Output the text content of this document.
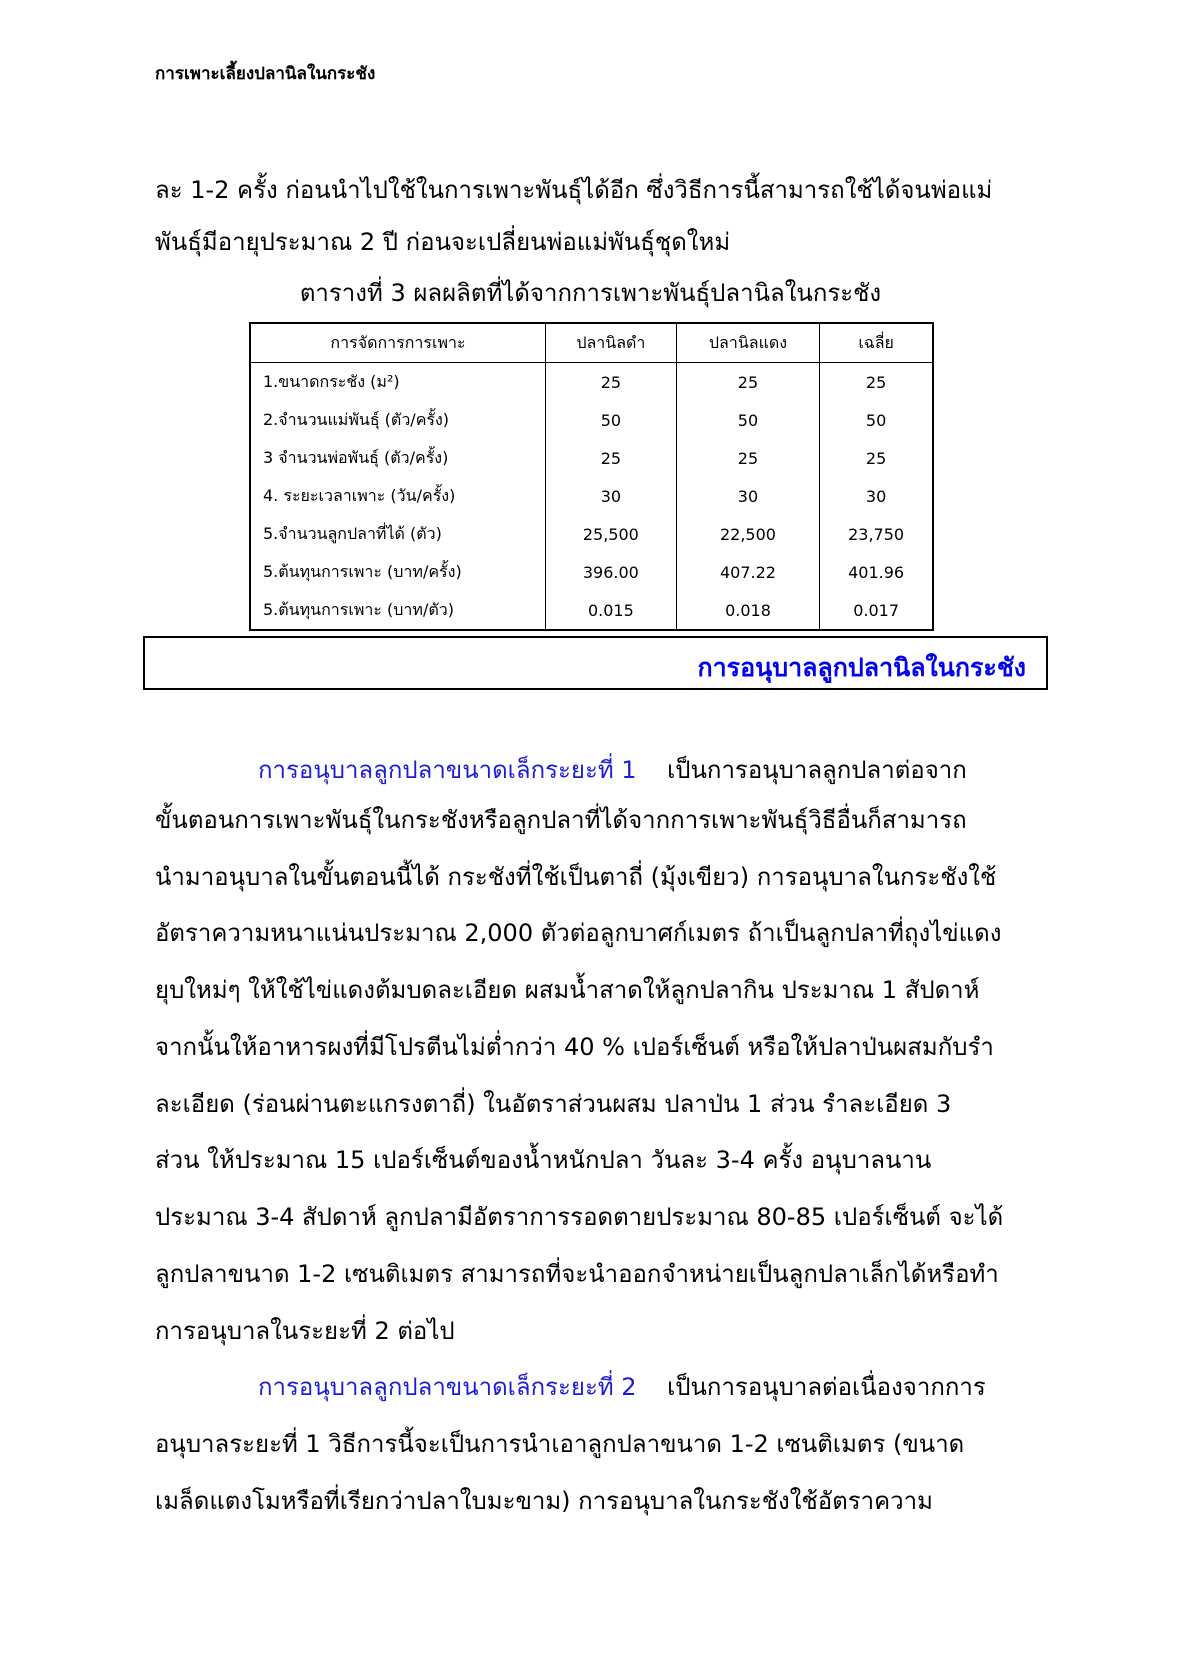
การเพาะเลี้ยงปลานิลในกระชัง
ละ 1-2 ครั้ง ก่อนนำไปใช้ในการเพาะพันธุ์ได้อีก ซึ่งวิธีการนี้สามารถใช้ได้จนพ่อแม่
พันธุ์มีอายุประมาณ 2 ปี ก่อนจะเปลี่ยนพ่อแม่พันธุ์ชุดใหม่
ตารางที่ 3 ผลผลิตที่ได้จากการเพาะพันธุ์ปลานิลในกระชัง
การจัดการการเพาะ	ปลานิลดำ	ปลานิลแดง	เฉลี่ย
1.ขนาดกระชัง (ม²)	25	25	25
2.จำนวนแม่พันธุ์ (ตัว/ครั้ง)	50	50	50
3 จำนวนพ่อพันธุ์ (ตัว/ครั้ง)	25	25	25
4. ระยะเวลาเพาะ (วัน/ครั้ง)	30	30	30
5.จำนวนลูกปลาที่ได้ (ตัว)	25,500	22,500	23,750
5.ต้นทุนการเพาะ (บาท/ครั้ง)	396.00	407.22	401.96
5.ต้นทุนการเพาะ (บาท/ตัว)	0.015	0.018	0.017
การอนุบาลลูกปลานิลในกระชัง
การอนุบาลลูกปลาขนาดเล็กระยะที่ 1 เป็นการอนุบาลลูกปลาต่อจาก
ขั้นตอนการเพาะพันธุ์ในกระชังหรือลูกปลาที่ได้จากการเพาะพันธุ์วิธีอื่นก็สามารถ
นำมาอนุบาลในขั้นตอนนี้ได้ กระชังที่ใช้เป็นตาถี่ (มุ้งเขียว) การอนุบาลในกระชังใช้
อัตราความหนาแน่นประมาณ 2,000 ตัวต่อลูกบาศก์เมตร ถ้าเป็นลูกปลาที่ถุงไข่แดง
ยุบใหม่ๆ ให้ใช้ไข่แดงต้มบดละเอียด ผสมน้ำสาดให้ลูกปลากิน ประมาณ 1 สัปดาห์
จากนั้นให้อาหารผงที่มีโปรตีนไม่ต่ำกว่า 40 % เปอร์เซ็นต์ หรือให้ปลาป่นผสมกับรำ
ละเอียด (ร่อนผ่านตะแกรงตาถี่) ในอัตราส่วนผสม ปลาป่น 1 ส่วน รำละเอียด 3
ส่วน ให้ประมาณ 15 เปอร์เซ็นต์ของน้ำหนักปลา วันละ 3-4 ครั้ง อนุบาลนาน
ประมาณ 3-4 สัปดาห์ ลูกปลามีอัตราการรอดตายประมาณ 80-85 เปอร์เซ็นต์ จะได้
ลูกปลาขนาด 1-2 เซนติเมตร สามารถที่จะนำออกจำหน่ายเป็นลูกปลาเล็กได้หรือทำ
การอนุบาลในระยะที่ 2 ต่อไป
การอนุบาลลูกปลาขนาดเล็กระยะที่ 2 เป็นการอนุบาลต่อเนื่องจากการ
อนุบาลระยะที่ 1 วิธีการนี้จะเป็นการนำเอาลูกปลาขนาด 1-2 เซนติเมตร (ขนาด
เมล็ดแตงโมหรือที่เรียกว่าปลาใบมะขาม) การอนุบาลในกระชังใช้อัตราความ
